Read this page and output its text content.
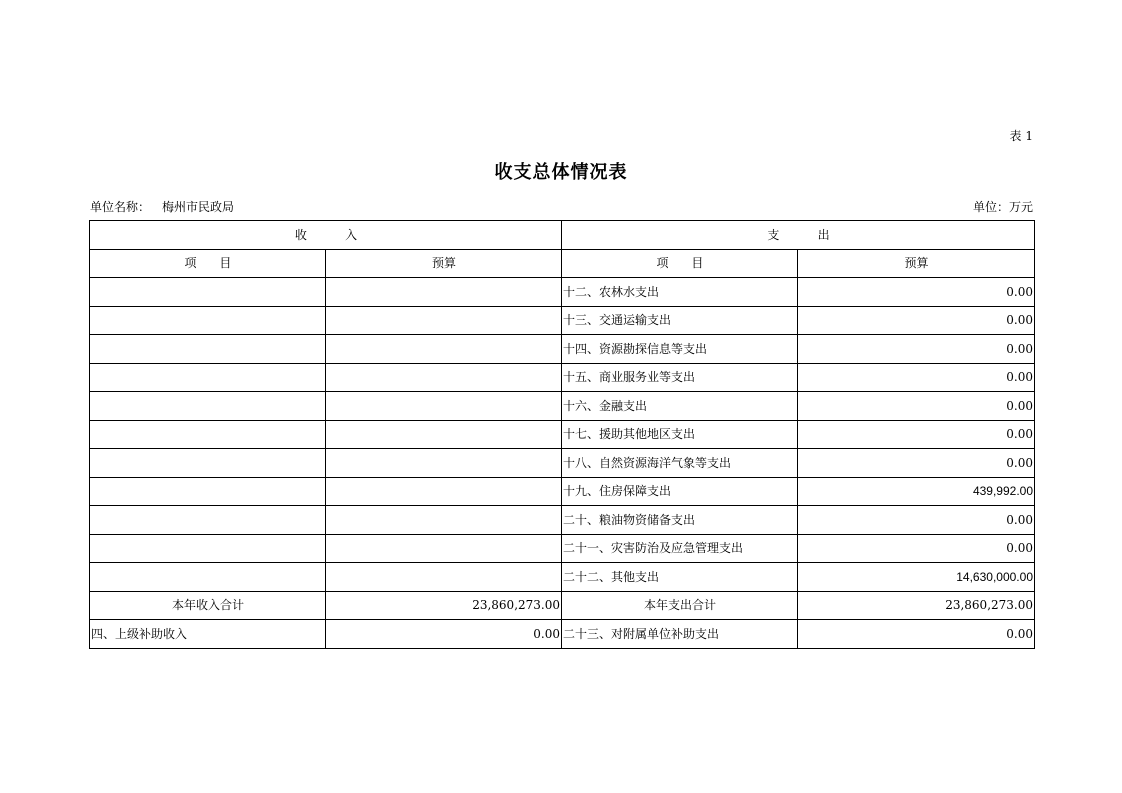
表 1
收支总体情况表
单位名称： 梅州市民政局	单位：万元
收          入		支          出	
项      目	预算	项      目	预算
		十二、农林水支出	0.00
		十三、交通运输支出	0.00
		十四、资源勘探信息等支出	0.00
		十五、商业服务业等支出	0.00
		十六、金融支出	0.00
		十七、援助其他地区支出	0.00
		十八、自然资源海洋气象等支出	0.00
		十九、住房保障支出	439,992.00
		二十、粮油物资储备支出	0.00
		二十一、灾害防治及应急管理支出	0.00
		二十二、其他支出	14,630,000.00
本年收入合计	23,860,273.00	本年支出合计	23,860,273.00
四、上级补助收入	0.00	二十三、对附属单位补助支出	0.00
